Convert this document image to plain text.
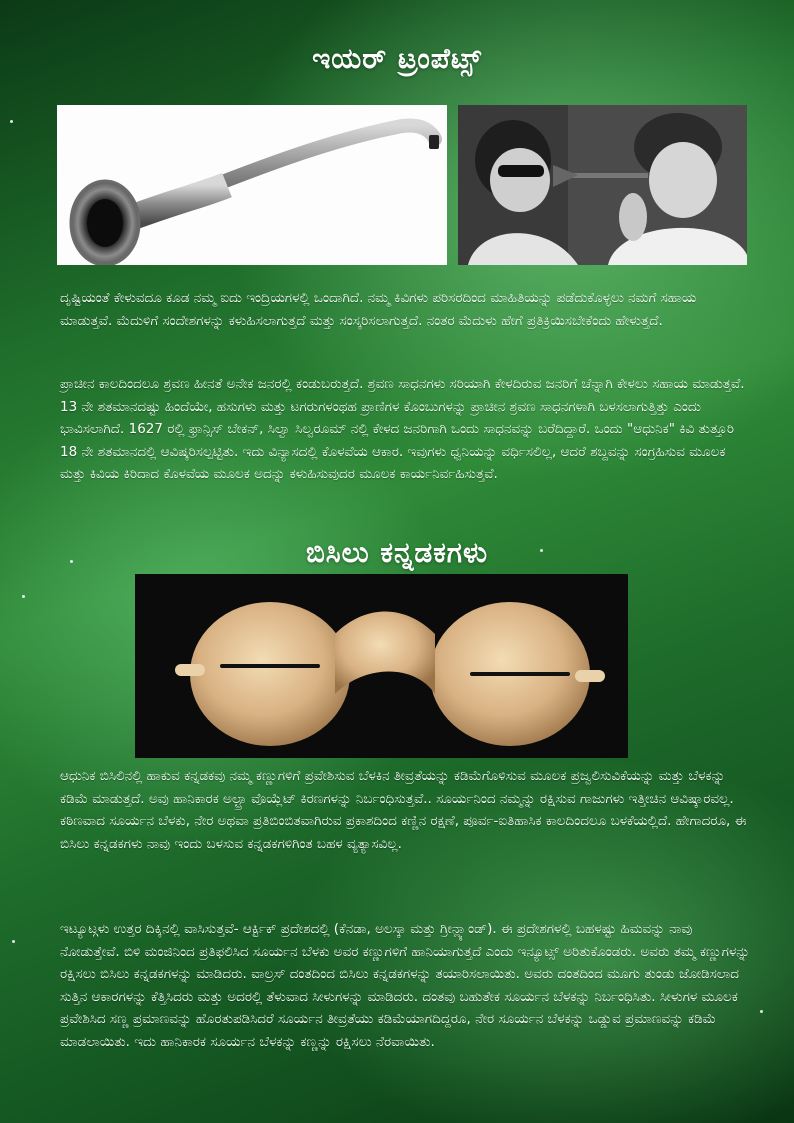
ಇಯರ್ ಟ್ರಂಪೆಟ್ಸ್

ದೃಷ್ಟಿಯಂತೆ ಕೇಳುವದೂ ಕೂಡ ನಮ್ಮ ಐದು ಇಂದ್ರಿಯಗಳಲ್ಲಿ ಒಂದಾಗಿದೆ. ನಮ್ಮ ಕಿವಿಗಳು ಪರಿಸರದಿಂದ ಮಾಹಿತಿಯನ್ನು ಪಡೆದುಕೊಳ್ಳಲು ನಮಗೆ ಸಹಾಯ ಮಾಡುತ್ತವೆ. ಮೆದುಳಿಗೆ ಸಂದೇಶಗಳನ್ನು ಕಳುಹಿಸಲಾಗುತ್ತದೆ ಮತ್ತು ಸಂಸ್ಕರಿಸಲಾಗುತ್ತದೆ. ನಂತರ ಮೆದುಳು ಹೇಗೆ ಪ್ರತಿಕ್ರಿಯಿಸಬೇಕೆಂದು ಹೇಳುತ್ತದೆ.

ಪ್ರಾಚೀನ ಕಾಲದಿಂದಲೂ ಶ್ರವಣ ಹೀನತೆ ಅನೇಕ ಜನರಲ್ಲಿ ಕಂಡುಬರುತ್ತದೆ. ಶ್ರವಣ ಸಾಧನಗಳು ಸರಿಯಾಗಿ ಕೇಳದಿರುವ ಜನರಿಗೆ ಚೆನ್ನಾಗಿ ಕೇಳಲು ಸಹಾಯ ಮಾಡುತ್ತವೆ. 13 ನೇ ಶತಮಾನದಷ್ಟು ಹಿಂದೆಯೇ, ಹಸುಗಳು ಮತ್ತು ಟಗರುಗಳಂಥಹ ಪ್ರಾಣಿಗಳ ಕೊಂಬುಗಳನ್ನು ಪ್ರಾಚೀನ ಶ್ರವಣ ಸಾಧನಗಳಾಗಿ ಬಳಸಲಾಗುತ್ತಿತ್ತು ಎಂದು ಭಾವಿಸಲಾಗಿದೆ. 1627 ರಲ್ಲಿ ಫ್ರಾನ್ಸಿಸ್ ಬೇಕನ್, ಸಿಲ್ವಾ ಸಿಲ್ವರೂಮ್ ನಲ್ಲಿ ಕೇಳದ ಜನರಿಗಾಗಿ ಒಂದು ಸಾಧನವನ್ನು ಬರೆದಿದ್ದಾರೆ. ಒಂದು "ಆಧುನಿಕ" ಕಿವಿ ತುತ್ತೂರಿ 18 ನೇ ಶತಮಾನದಲ್ಲಿ ಆವಿಷ್ಕರಿಸಲ್ಪಟ್ಟಿತು. ಇದು ವಿನ್ಯಾಸದಲ್ಲಿ ಕೊಳವೆಯ ಆಕಾರ. ಇವುಗಳು ಧ್ವನಿಯನ್ನು ವರ್ಧಿಸಲಿಲ್ಲ, ಆದರೆ ಶಬ್ದವನ್ನು ಸಂಗ್ರಹಿಸುವ ಮೂಲಕ ಮತ್ತು ಕಿವಿಯ ಕಿರಿದಾದ ಕೊಳವೆಯ ಮೂಲಕ ಅದನ್ನು ಕಳುಹಿಸುವುದರ ಮೂಲಕ ಕಾರ್ಯನಿರ್ವಹಿಸುತ್ತವೆ.

ಬಿಸಿಲು ಕನ್ನಡಕಗಳು

ಆಧುನಿಕ ಬಿಸಿಲಿನಲ್ಲಿ ಹಾಕುವ ಕನ್ನಡಕವು ನಮ್ಮ ಕಣ್ಣುಗಳಿಗೆ ಪ್ರವೇಶಿಸುವ ಬೆಳಕಿನ ತೀವ್ರತೆಯನ್ನು ಕಡಿಮೆಗೊಳಿಸುವ ಮೂಲಕ ಪ್ರಜ್ವಲಿಸುವಿಕೆಯನ್ನು ಮತ್ತು ಬೆಳಕನ್ನು ಕಡಿಮೆ ಮಾಡುತ್ತದೆ. ಅವು ಹಾನಿಕಾರಕ ಅಲ್ಟ್ರಾ ವೊಯ್ಲೆಟ್ ಕಿರಣಗಳನ್ನು ನಿರ್ಬಂಧಿಸುತ್ತವೆ.. ಸೂರ್ಯನಿಂದ ನಮ್ಮನ್ನು ರಕ್ಷಿಸುವ ಗಾಜುಗಳು ಇತ್ತೀಚಿನ ಆವಿಷ್ಕಾರವಲ್ಲ. ಕಠಿಣವಾದ ಸೂರ್ಯನ ಬೆಳಕು, ನೇರ ಅಥವಾ ಪ್ರತಿಬಿಂಬಿತವಾಗಿರುವ ಪ್ರಕಾಶದಿಂದ ಕಣ್ಣಿನ ರಕ್ಷಣೆ, ಪೂರ್ವ-ಐತಿಹಾಸಿಕ ಕಾಲದಿಂದಲೂ ಬಳಕೆಯಲ್ಲಿದೆ. ಹೇಗಾದರೂ, ಈ ಬಿಸಿಲು ಕನ್ನಡಕಗಳು ನಾವು ಇಂದು ಬಳಸುವ ಕನ್ನಡಕಗಳಿಗಿಂತ ಬಹಳ ವ್ಯತ್ಯಾಸವಿಲ್ಲ.

ಇಟ್ಯೂಟ್ಗಳು ಉತ್ತರ ದಿಕ್ಕಿನಲ್ಲಿ ವಾಸಿಸುತ್ತವೆ- ಆರ್ಕ್ಟಿಕ್ ಪ್ರದೇಶದಲ್ಲಿ (ಕೆನಡಾ, ಅಲಸ್ಕಾ ಮತ್ತು ಗ್ರೀನ್ಲ್ಯಾಂಡ್). ಈ ಪ್ರದೇಶಗಳಲ್ಲಿ ಬಹಳಷ್ಟು ಹಿಮವನ್ನು ನಾವು ನೋಡುತ್ತೇವೆ. ಬಿಳಿ ಮಂಜಿನಿಂದ ಪ್ರತಿಫಲಿಸಿದ ಸೂರ್ಯನ ಬೆಳಕು ಅವರ ಕಣ್ಣುಗಳಿಗೆ ಹಾನಿಯಾಗುತ್ತದೆ ಎಂದು ಇನ್ಯೂಟ್ಸ್ ಅರಿತುಕೊಂಡರು. ಅವರು ತಮ್ಮ ಕಣ್ಣುಗಳನ್ನು ರಕ್ಷಿಸಲು ಬಿಸಿಲು ಕನ್ನಡಕಗಳನ್ನು ಮಾಡಿದರು. ವಾಲ್ರಸ್ ದಂತದಿಂದ ಬಿಸಿಲು ಕನ್ನಡಕಗಳನ್ನು ತಯಾರಿಸಲಾಯಿತು. ಅವರು ದಂತದಿಂದ ಮೂಗು ತುಂಡು ಜೋಡಿಸಲಾದ ಸುತ್ತಿನ ಆಕಾರಗಳನ್ನು ಕೆತ್ತಿಸಿದರು ಮತ್ತು ಅದರಲ್ಲಿ ತೆಳುವಾದ ಸೀಳುಗಳನ್ನು ಮಾಡಿದರು. ದಂತವು ಬಹುತೇಕ ಸೂರ್ಯನ ಬೆಳಕನ್ನು ನಿರ್ಬಂಧಿಸಿತು. ಸೀಳುಗಳ ಮೂಲಕ ಪ್ರವೇಶಿಸಿದ ಸಣ್ಣ ಪ್ರಮಾಣವನ್ನು ಹೊರತುಪಡಿಸಿದರೆ ಸೂರ್ಯನ ತೀವ್ರತೆಯು ಕಡಿಮೆಯಾಗದಿದ್ದರೂ, ನೇರ ಸೂರ್ಯನ ಬೆಳಕನ್ನು ಒಡ್ಡುವ ಪ್ರಮಾಣವನ್ನು ಕಡಿಮೆ ಮಾಡಲಾಯಿತು. ಇದು ಹಾನಿಕಾರಕ ಸೂರ್ಯನ ಬೆಳಕನ್ನು ಕಣ್ಣನ್ನು ರಕ್ಷಿಸಲು ನೆರವಾಯಿತು.
